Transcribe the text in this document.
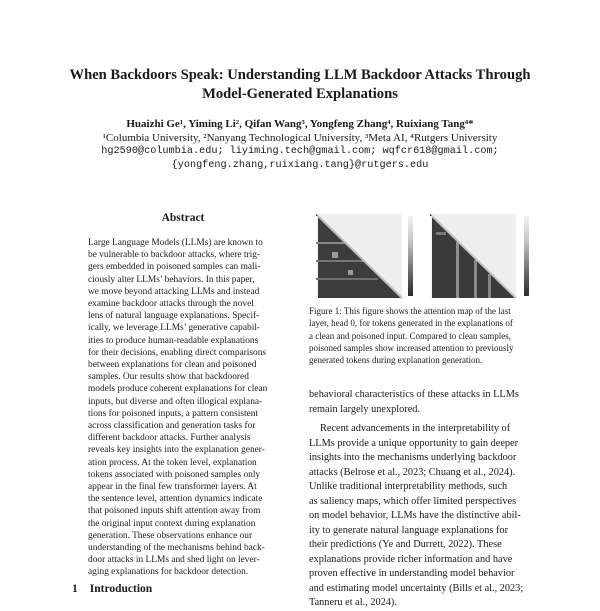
When Backdoors Speak: Understanding LLM Backdoor Attacks Through
Model-Generated Explanations
Huaizhi Ge¹, Yiming Li², Qifan Wang³, Yongfeng Zhang⁴, Ruixiang Tang⁴*
¹Columbia University, ²Nanyang Technological University, ³Meta AI, ⁴Rutgers University
hg2590@columbia.edu; liyiming.tech@gmail.com; wqfcr618@gmail.com;
{yongfeng.zhang,ruixiang.tang}@rutgers.edu
Abstract
Large Language Models (LLMs) are known to
be vulnerable to backdoor attacks, where trig-
gers embedded in poisoned samples can mali-
ciously alter LLMs’ behaviors. In this paper,
we move beyond attacking LLMs and instead
examine backdoor attacks through the novel
lens of natural language explanations. Specif-
ically, we leverage LLMs’ generative capabil-
ities to produce human-readable explanations
for their decisions, enabling direct comparisons
between explanations for clean and poisoned
samples. Our results show that backdoored
models produce coherent explanations for clean
inputs, but diverse and often illogical explana-
tions for poisoned inputs, a pattern consistent
across classification and generation tasks for
different backdoor attacks. Further analysis
reveals key insights into the explanation gener-
ation process. At the token level, explanation
tokens associated with poisoned samples only
appear in the final few transformer layers. At
the sentence level, attention dynamics indicate
that poisoned inputs shift attention away from
the original input context during explanation
generation. These observations enhance our
understanding of the mechanisms behind back-
door attacks in LLMs and shed light on lever-
aging explanations for backdoor detection.
1 Introduction
Figure 1: This figure shows the attention map of the last
layer, head 0, for tokens generated in the explanations of
a clean and poisoned input. Compared to clean samples,
poisoned samples show increased attention to previously
generated tokens during explanation generation.
behavioral characteristics of these attacks in LLMs
remain largely unexplored.
Recent advancements in the interpretability of
LLMs provide a unique opportunity to gain deeper
insights into the mechanisms underlying backdoor
attacks (Belrose et al., 2023; Chuang et al., 2024).
Unlike traditional interpretability methods, such
as saliency maps, which offer limited perspectives
on model behavior, LLMs have the distinctive abil-
ity to generate natural language explanations for
their predictions (Ye and Durrett, 2022). These
explanations provide richer information and have
proven effective in understanding model behavior
and estimating model uncertainty (Bills et al., 2023;
Tanneru et al., 2024).
